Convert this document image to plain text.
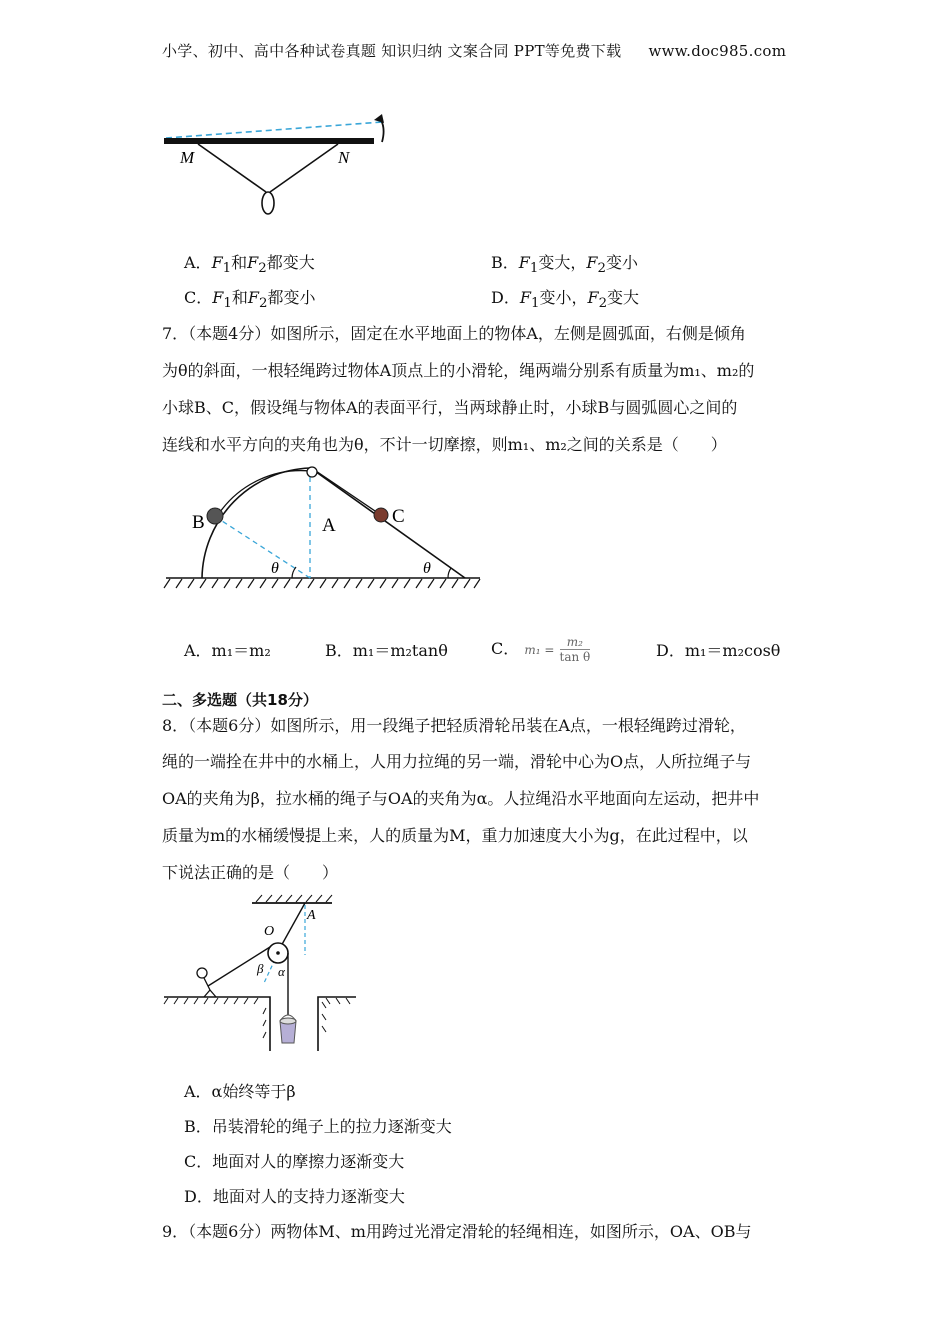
小学、初中、高中各种试卷真题 知识归纳 文案合同 PPT等免费下载 www.doc985.com
M	N
A．$F_1$和$F_2$都变大	B．$F_1$变大，$F_2$变小
C．$F_1$和$F_2$都变小	D．$F_1$变小，$F_2$变大
7．（本题4分）如图所示，固定在水平地面上的物体A，左侧是圆弧面，右侧是倾角
为θ的斜面，一根轻绳跨过物体A顶点上的小滑轮，绳两端分别系有质量为m₁、m₂的
小球B、C，假设绳与物体A的表面平行，当两球静止时，小球B与圆弧圆心之间的
连线和水平方向的夹角也为θ，不计一切摩擦，则m₁、m₂之间的关系是（　　）
B	A	C
θ	θ
A．m₁＝m₂	B．m₁＝m₂tanθ	C． $m_1 = \frac{\text{m₂}}{\text{tan θ}}$	D．m₁＝m₂cosθ
二、多选题（共18分）
8．（本题6分）如图所示，用一段绳子把轻质滑轮吊装在A点，一根轻绳跨过滑轮，
绳的一端拴在井中的水桶上，人用力拉绳的另一端，滑轮中心为O点，人所拉绳子与
OA的夹角为β，拉水桶的绳子与OA的夹角为α。人拉绳沿水平地面向左运动，把井中
质量为m的水桶缓慢提上来，人的质量为M，重力加速度大小为g，在此过程中，以
下说法正确的是（　　）
A
O
β α
A．α始终等于β
B．吊装滑轮的绳子上的拉力逐渐变大
C．地面对人的摩擦力逐渐变大
D．地面对人的支持力逐渐变大
9．（本题6分）两物体M、m用跨过光滑定滑轮的轻绳相连，如图所示，OA、OB与
